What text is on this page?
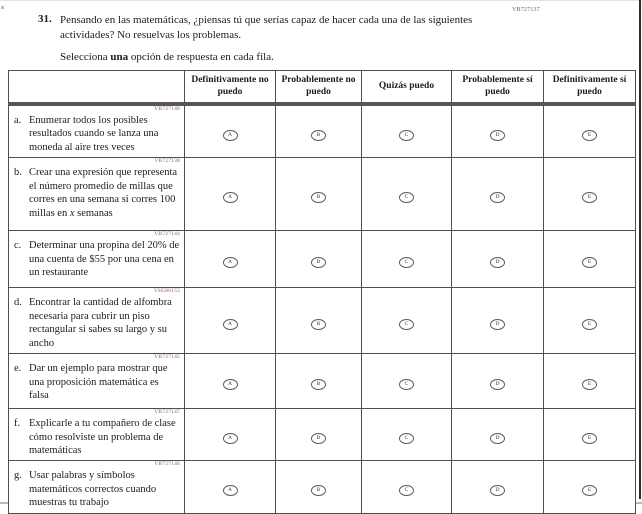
VB727137
31. Pensando en las matemáticas, ¿piensas tú que serías capaz de hacer cada una de las siguientes actividades? No resuelvas los problemas.
Selecciona una opción de respuesta en cada fila.
	Definitivamente no puedo	Probablemente no puedo	Quizás puedo	Probablemente sí puedo	Definitivamente sí puedo

VB727148
a. Enumerar todos los posibles resultados cuando se lanza una moneda al aire tres veces	A	B	C	D	E

VB727138
b. Crear una expresión que representa el número promedio de millas que corres en una semana si corres 100 millas en x semanas	A	B	C	D	E

VB727144
c. Determinar una propina del 20% de una cuenta de $55 por una cena en un restaurante	A	B	C	D	E

VH580153
d. Encontrar la cantidad de alfombra necesaria para cubrir un piso rectangular si sabes su largo y su ancho	A	B	C	D	E

VB727145
e. Dar un ejemplo para mostrar que una proposición matemática es falsa	A	B	C	D	E

VB727147
f. Explicarle a tu compañero de clase cómo resolviste un problema de matemáticas	A	B	C	D	E

VB727146
g. Usar palabras y símbolos matemáticos correctos cuando muestras tu trabajo	A	B	C	D	E
